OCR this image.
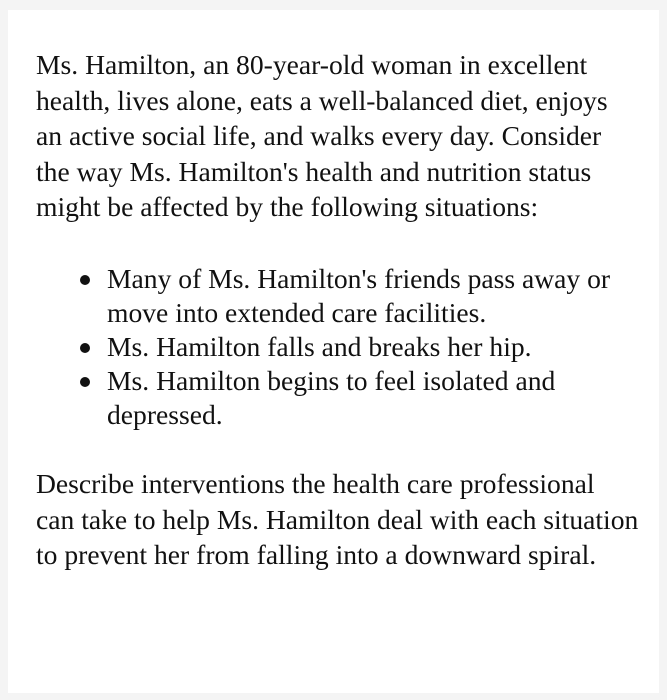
Ms. Hamilton, an 80-year-old woman in excellent health, lives alone, eats a well-balanced diet, enjoys an active social life, and walks every day. Consider the way Ms. Hamilton's health and nutrition status might be affected by the following situations:

Many of Ms. Hamilton's friends pass away or move into extended care facilities.
Ms. Hamilton falls and breaks her hip.
Ms. Hamilton begins to feel isolated and depressed.

Describe interventions the health care professional can take to help Ms. Hamilton deal with each situation to prevent her from falling into a downward spiral.
